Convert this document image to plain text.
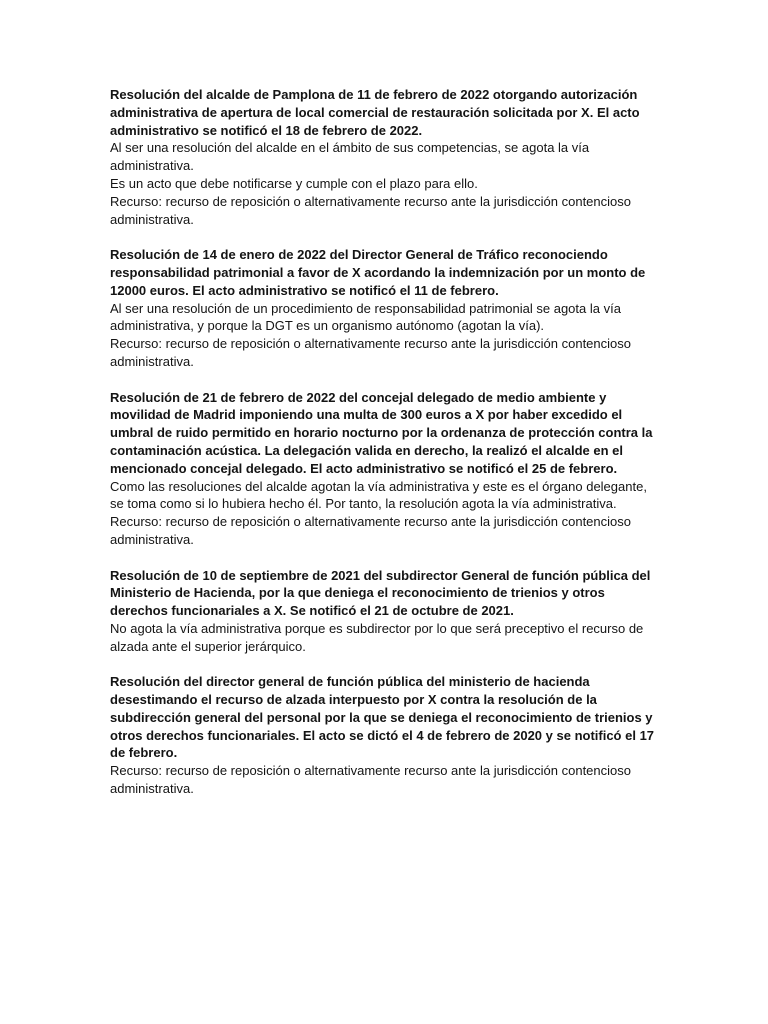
Resolución del alcalde de Pamplona de 11 de febrero de 2022 otorgando autorización administrativa de apertura de local comercial de restauración solicitada por X. El acto administrativo se notificó el 18 de febrero de 2022.

Al ser una resolución del alcalde en el ámbito de sus competencias, se agota la vía administrativa.

Es un acto que debe notificarse y cumple con el plazo para ello.

Recurso: recurso de reposición o alternativamente recurso ante la jurisdicción contencioso administrativa.

Resolución de 14 de enero de 2022 del Director General de Tráfico reconociendo responsabilidad patrimonial a favor de X acordando la indemnización por un monto de 12000 euros. El acto administrativo se notificó el 11 de febrero.

Al ser una resolución de un procedimiento de responsabilidad patrimonial se agota la vía administrativa, y porque la DGT es un organismo autónomo (agotan la vía).

Recurso: recurso de reposición o alternativamente recurso ante la jurisdicción contencioso administrativa.

Resolución de 21 de febrero de 2022 del concejal delegado de medio ambiente y movilidad de Madrid imponiendo una multa de 300 euros a X por haber excedido el umbral de ruido permitido en horario nocturno por la ordenanza de protección contra la contaminación acústica. La delegación valida en derecho, la realizó el alcalde en el mencionado concejal delegado. El acto administrativo se notificó el 25 de febrero.

Como las resoluciones del alcalde agotan la vía administrativa y este es el órgano delegante, se toma como si lo hubiera hecho él. Por tanto, la resolución agota la vía administrativa.

Recurso: recurso de reposición o alternativamente recurso ante la jurisdicción contencioso administrativa.

Resolución de 10 de septiembre de 2021 del subdirector General de función pública del Ministerio de Hacienda, por la que deniega el reconocimiento de trienios y otros derechos funcionariales a X. Se notificó el 21 de octubre de 2021.

No agota la vía administrativa porque es subdirector por lo que será preceptivo el recurso de alzada ante el superior jerárquico.

Resolución del director general de función pública del ministerio de hacienda desestimando el recurso de alzada interpuesto por X contra la resolución de la subdirección general del personal por la que se deniega el reconocimiento de trienios y otros derechos funcionariales. El acto se dictó el 4 de febrero de 2020 y se notificó el 17 de febrero.

Recurso: recurso de reposición o alternativamente recurso ante la jurisdicción contencioso administrativa.
